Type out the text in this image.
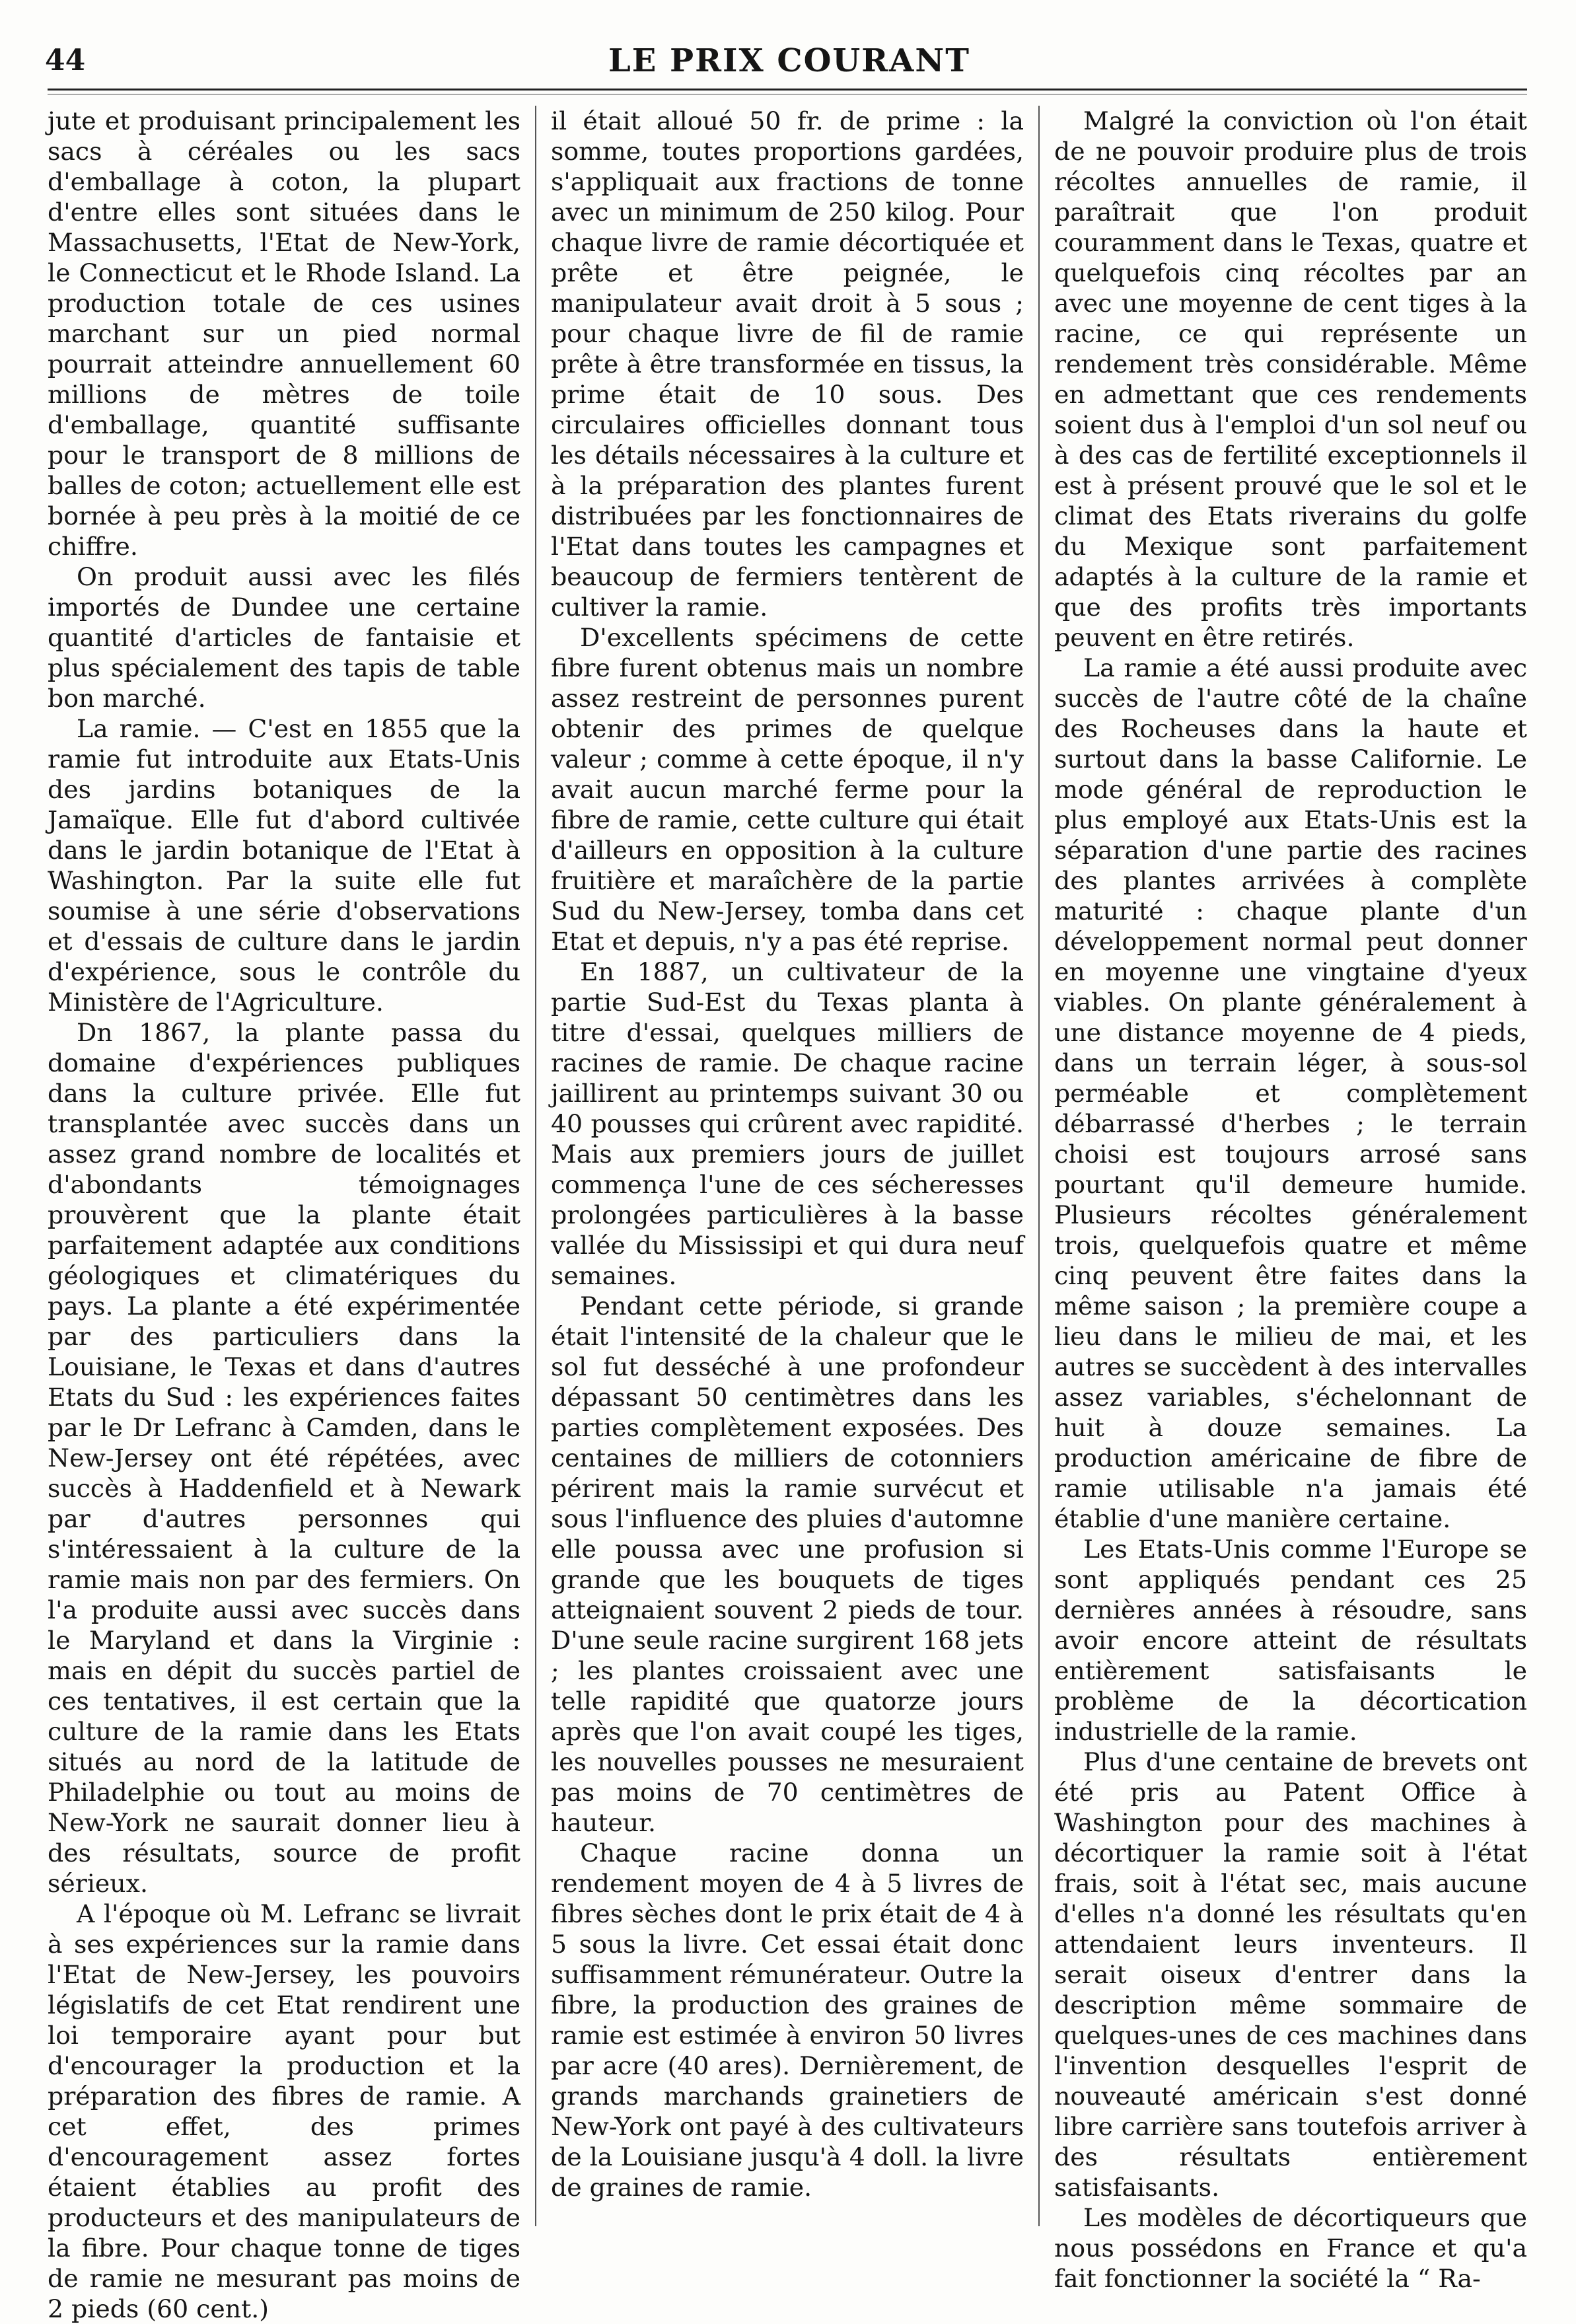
44	LE PRIX COURANT

jute et produisant principalement les sacs à céréales ou les sacs d'emballage à coton, la plupart d'entre elles sont situées dans le Massachusetts, l'Etat de New-York, le Connecticut et le Rhode Island. La production totale de ces usines marchant sur un pied normal pourrait atteindre annuellement 60 millions de mètres de toile d'emballage, quantité suffisante pour le transport de 8 millions de balles de coton; actuellement elle est bornée à peu près à la moitié de ce chiffre.

On produit aussi avec les filés importés de Dundee une certaine quantité d'articles de fantaisie et plus spécialement des tapis de table bon marché.

La ramie. — C'est en 1855 que la ramie fut introduite aux Etats-Unis des jardins botaniques de la Jamaïque. Elle fut d'abord cultivée dans le jardin botanique de l'Etat à Washington. Par la suite elle fut soumise à une série d'observations et d'essais de culture dans le jardin d'expérience, sous le contrôle du Ministère de l'Agriculture.

Dn 1867, la plante passa du domaine d'expériences publiques dans la culture privée. Elle fut transplantée avec succès dans un assez grand nombre de localités et d'abondants témoignages prouvèrent que la plante était parfaitement adaptée aux conditions géologiques et climatériques du pays. La plante a été expérimentée par des particuliers dans la Louisiane, le Texas et dans d'autres Etats du Sud : les expériences faites par le Dr Lefranc à Camden, dans le New-Jersey ont été répétées, avec succès à Haddenfield et à Newark par d'autres personnes qui s'intéressaient à la culture de la ramie mais non par des fermiers. On l'a produite aussi avec succès dans le Maryland et dans la Virginie : mais en dépit du succès partiel de ces tentatives, il est certain que la culture de la ramie dans les Etats situés au nord de la latitude de Philadelphie ou tout au moins de New-York ne saurait donner lieu à des résultats, source de profit sérieux.

A l'époque où M. Lefranc se livrait à ses expériences sur la ramie dans l'Etat de New-Jersey, les pouvoirs législatifs de cet Etat rendirent une loi temporaire ayant pour but d'encourager la production et la préparation des fibres de ramie. A cet effet, des primes d'encouragement assez fortes étaient établies au profit des producteurs et des manipulateurs de la fibre. Pour chaque tonne de tiges de ramie ne mesurant pas moins de 2 pieds (60 cent.)

il était alloué 50 fr. de prime : la somme, toutes proportions gardées, s'appliquait aux fractions de tonne avec un minimum de 250 kilog. Pour chaque livre de ramie décortiquée et prête et être peignée, le manipulateur avait droit à 5 sous ; pour chaque livre de fil de ramie prête à être transformée en tissus, la prime était de 10 sous. Des circulaires officielles donnant tous les détails nécessaires à la culture et à la préparation des plantes furent distribuées par les fonctionnaires de l'Etat dans toutes les campagnes et beaucoup de fermiers tentèrent de cultiver la ramie.

D'excellents spécimens de cette fibre furent obtenus mais un nombre assez restreint de personnes purent obtenir des primes de quelque valeur ; comme à cette époque, il n'y avait aucun marché ferme pour la fibre de ramie, cette culture qui était d'ailleurs en opposition à la culture fruitière et maraîchère de la partie Sud du New-Jersey, tomba dans cet Etat et depuis, n'y a pas été reprise.

En 1887, un cultivateur de la partie Sud-Est du Texas planta à titre d'essai, quelques milliers de racines de ramie. De chaque racine jaillirent au printemps suivant 30 ou 40 pousses qui crûrent avec rapidité. Mais aux premiers jours de juillet commença l'une de ces sécheresses prolongées particulières à la basse vallée du Mississipi et qui dura neuf semaines.

Pendant cette période, si grande était l'intensité de la chaleur que le sol fut desséché à une profondeur dépassant 50 centimètres dans les parties complètement exposées. Des centaines de milliers de cotonniers périrent mais la ramie survécut et sous l'influence des pluies d'automne elle poussa avec une profusion si grande que les bouquets de tiges atteignaient souvent 2 pieds de tour. D'une seule racine surgirent 168 jets ; les plantes croissaient avec une telle rapidité que quatorze jours après que l'on avait coupé les tiges, les nouvelles pousses ne mesuraient pas moins de 70 centimètres de hauteur.

Chaque racine donna un rendement moyen de 4 à 5 livres de fibres sèches dont le prix était de 4 à 5 sous la livre. Cet essai était donc suffisamment rémunérateur. Outre la fibre, la production des graines de ramie est estimée à environ 50 livres par acre (40 ares). Dernièrement, de grands marchands grainetiers de New-York ont payé à des cultivateurs de la Louisiane jusqu'à 4 doll. la livre de graines de ramie.

Malgré la conviction où l'on était de ne pouvoir produire plus de trois récoltes annuelles de ramie, il paraîtrait que l'on produit couramment dans le Texas, quatre et quelquefois cinq récoltes par an avec une moyenne de cent tiges à la racine, ce qui représente un rendement très considérable. Même en admettant que ces rendements soient dus à l'emploi d'un sol neuf ou à des cas de fertilité exceptionnels il est à présent prouvé que le sol et le climat des Etats riverains du golfe du Mexique sont parfaitement adaptés à la culture de la ramie et que des profits très importants peuvent en être retirés.

La ramie a été aussi produite avec succès de l'autre côté de la chaîne des Rocheuses dans la haute et surtout dans la basse Californie. Le mode général de reproduction le plus employé aux Etats-Unis est la séparation d'une partie des racines des plantes arrivées à complète maturité : chaque plante d'un développement normal peut donner en moyenne une vingtaine d'yeux viables. On plante généralement à une distance moyenne de 4 pieds, dans un terrain léger, à sous-sol perméable et complètement débarrassé d'herbes ; le terrain choisi est toujours arrosé sans pourtant qu'il demeure humide. Plusieurs récoltes généralement trois, quelquefois quatre et même cinq peuvent être faites dans la même saison ; la première coupe a lieu dans le milieu de mai, et les autres se succèdent à des intervalles assez variables, s'échelonnant de huit à douze semaines. La production américaine de fibre de ramie utilisable n'a jamais été établie d'une manière certaine.

Les Etats-Unis comme l'Europe se sont appliqués pendant ces 25 dernières années à résoudre, sans avoir encore atteint de résultats entièrement satisfaisants le problème de la décortication industrielle de la ramie.

Plus d'une centaine de brevets ont été pris au Patent Office à Washington pour des machines à décortiquer la ramie soit à l'état frais, soit à l'état sec, mais aucune d'elles n'a donné les résultats qu'en attendaient leurs inventeurs. Il serait oiseux d'entrer dans la description même sommaire de quelques-unes de ces machines dans l'invention desquelles l'esprit de nouveauté américain s'est donné libre carrière sans toutefois arriver à des résultats entièrement satisfaisants.

Les modèles de décortiqueurs que nous possédons en France et qu'a fait fonctionner la société la “ Ra-
